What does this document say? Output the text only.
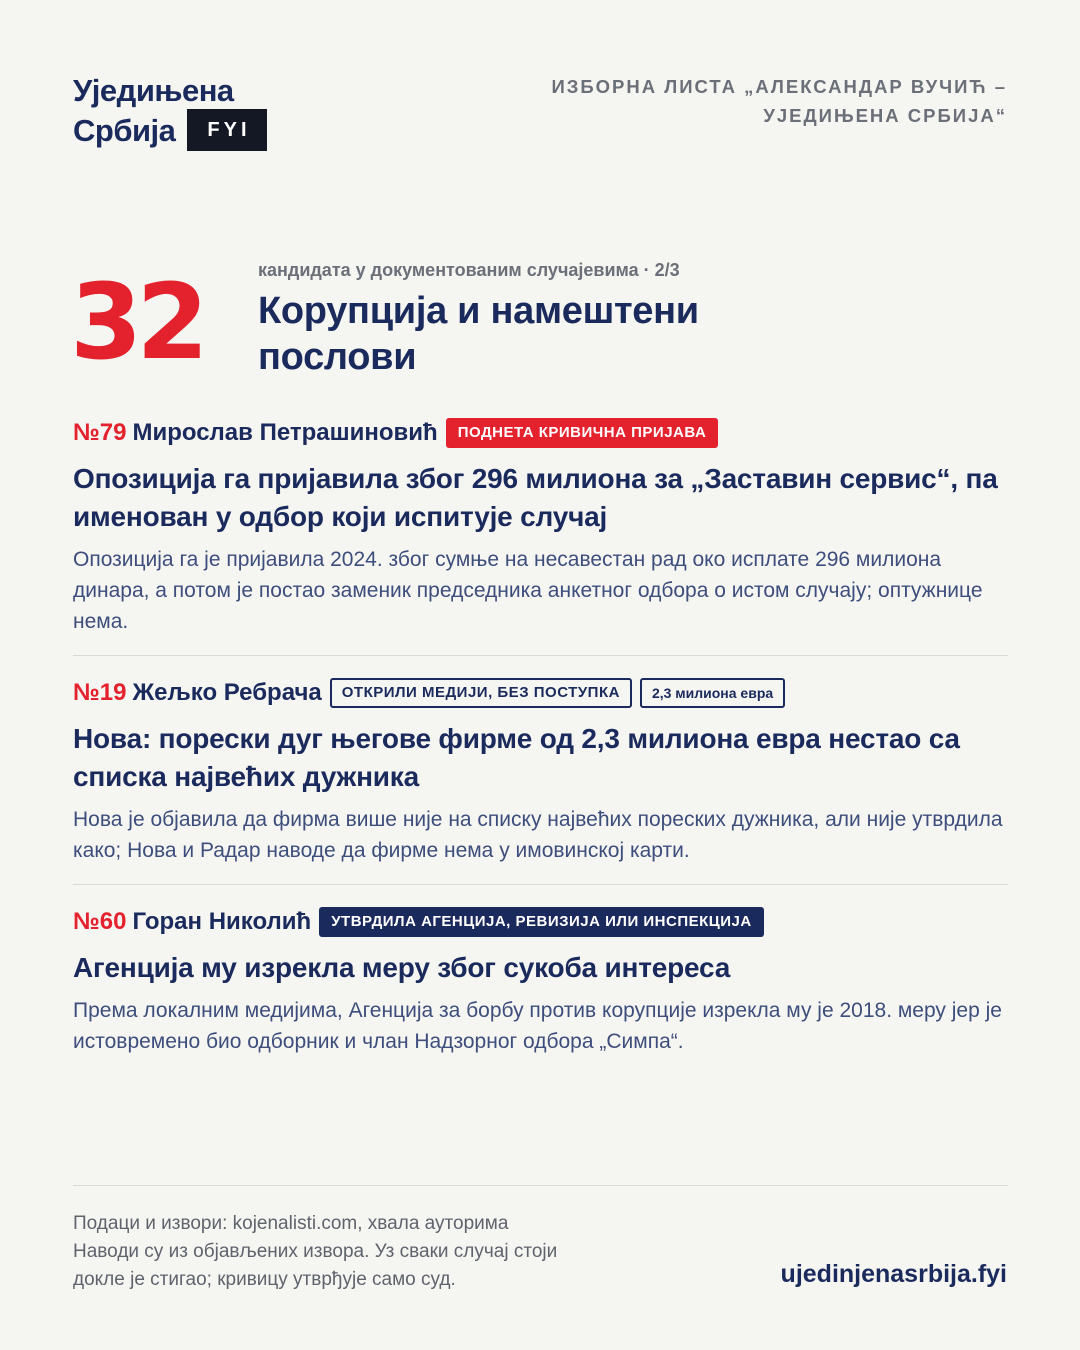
Уједињена
Србија	FYI
ИЗБОРНА ЛИСТА „АЛЕКСАНДАР ВУЧИЋ – УЈЕДИЊЕНА СРБИЈА“
32	кандидата у документованим случајевима · 2/3
Корупција и намештени послови
№79 Мирослав Петрашиновић	ПОДНЕТА КРИВИЧНА ПРИЈАВА
Опозиција га пријавила због 296 милиона за „Заставин сервис“, па именован у одбор који испитује случај
Опозиција га је пријавила 2024. због сумње на несавестан рад око исплате 296 милиона динара, а потом је постао заменик председника анкетног одбора о истом случају; оптужнице нема.
№19 Жељко Ребрача	ОТКРИЛИ МЕДИЈИ, БЕЗ ПОСТУПКА	2,3 милиона евра
Нова: порески дуг његове фирме од 2,3 милиона евра нестао са списка највећих дужника
Нова је објавила да фирма више није на списку највећих пореских дужника, али није утврдила како; Нова и Радар наводе да фирме нема у имовинској карти.
№60 Горан Николић	УТВРДИЛА АГЕНЦИЈА, РЕВИЗИЈА ИЛИ ИНСПЕКЦИЈА
Агенција му изрекла меру због сукоба интереса
Према локалним медијима, Агенција за борбу против корупције изрекла му је 2018. меру јер је истовремено био одборник и члан Надзорног одбора „Симпа“.
Подаци и извори: kojenalisti.com, хвала ауторима
Наводи су из објављених извора. Уз сваки случај стоји
докле је стигао; кривицу утврђује само суд.	ujedinjenasrbija.fyi
